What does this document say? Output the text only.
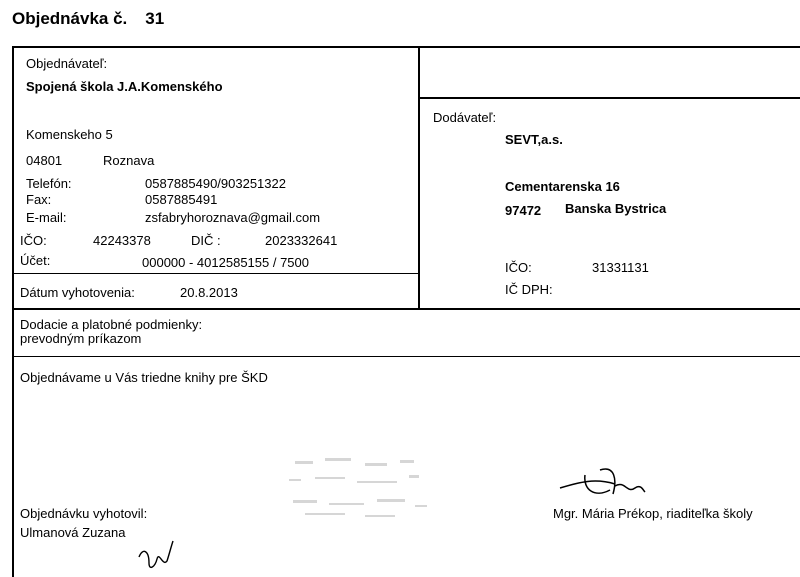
Objednávka č. 31
Objednávateľ:
Spojená škola J.A.Komenského
Komenskeho 5
04801	Roznava
Telefón:	0587885490/903251322
Fax:	0587885491
E-mail:	zsfabryhoroznava@gmail.com
IČO:	42243378	DIČ :	2023332641
Účet:	000000 - 4012585155 / 7500
Dátum vyhotovenia:	20.8.2013
Dodávateľ:
SEVT,a.s.
Cementarenska 16
97472 Banska Bystrica
IČO:	31331131
IČ DPH:
Dodacie a platobné podmienky:
prevodným príkazom
Objednávame u Vás triedne knihy pre ŠKD
Objednávku vyhotovil:
Ulmanová Zuzana
Mgr. Mária Prékop, riaditeľka školy
